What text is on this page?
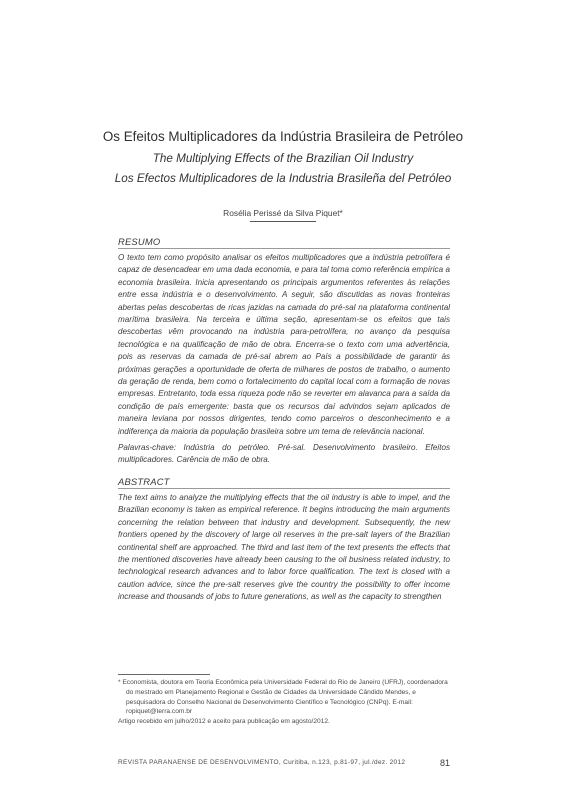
Os Efeitos Multiplicadores da Indústria Brasileira de Petróleo
The Multiplying Effects of the Brazilian Oil Industry
Los Efectos Multiplicadores de la Industria Brasileña del Petróleo
Rosélia Perissé da Silva Piquet*
RESUMO

O texto tem como propósito analisar os efeitos multiplicadores que a indústria petrolífera é capaz de desencadear em uma dada economia, e para tal toma como referência empírica a economia brasileira. Inicia apresentando os principais argumentos referentes às relações entre essa indústria e o desenvolvimento. A seguir, são discutidas as novas fronteiras abertas pelas descobertas de ricas jazidas na camada do pré-sal na plataforma continental marítima brasileira. Na terceira e última seção, apresentam-se os efeitos que tais descobertas vêm provocando na indústria para-petrolífera, no avanço da pesquisa tecnológica e na qualificação de mão de obra. Encerra-se o texto com uma advertência, pois as reservas da camada de pré-sal abrem ao País a possibilidade de garantir às próximas gerações a oportunidade de oferta de milhares de postos de trabalho, o aumento da geração de renda, bem como o fortalecimento do capital local com a formação de novas empresas. Entretanto, toda essa riqueza pode não se reverter em alavanca para a saída da condição de país emergente: basta que os recursos daí advindos sejam aplicados de maneira leviana por nossos dirigentes, tendo como parceiros o desconhecimento e a indiferença da maioria da população brasileira sobre um tema de relevância nacional.

Palavras-chave: Indústria do petróleo. Pré-sal. Desenvolvimento brasileiro. Efeitos multiplicadores. Carência de mão de obra.

ABSTRACT

The text aims to analyze the multiplying effects that the oil industry is able to impel, and the Brazilian economy is taken as empirical reference. It begins introducing the main arguments concerning the relation between that industry and development. Subsequently, the new frontiers opened by the discovery of large oil reserves in the pre-salt layers of the Brazilian continental shelf are approached. The third and last item of the text presents the effects that the mentioned discoveries have already been causing to the oil business related industry, to technological research advances and to labor force qualification. The text is closed with a caution advice, since the pre-salt reserves give the country the possibility to offer income increase and thousands of jobs to future generations, as well as the capacity to strengthen

* Economista, doutora em Teoria Econômica pela Universidade Federal do Rio de Janeiro (UFRJ), coordenadora do mestrado em Planejamento Regional e Gestão de Cidades da Universidade Cândido Mendes, e pesquisadora do Conselho Nacional de Desenvolvimento Científico e Tecnológico (CNPq). E-mail: ropiquet@terra.com.br

Artigo recebido em julho/2012 e aceito para publicação em agosto/2012.

REVISTA PARANAENSE DE DESENVOLVIMENTO, Curitiba, n.123, p.81-97, jul./dez. 2012	81
